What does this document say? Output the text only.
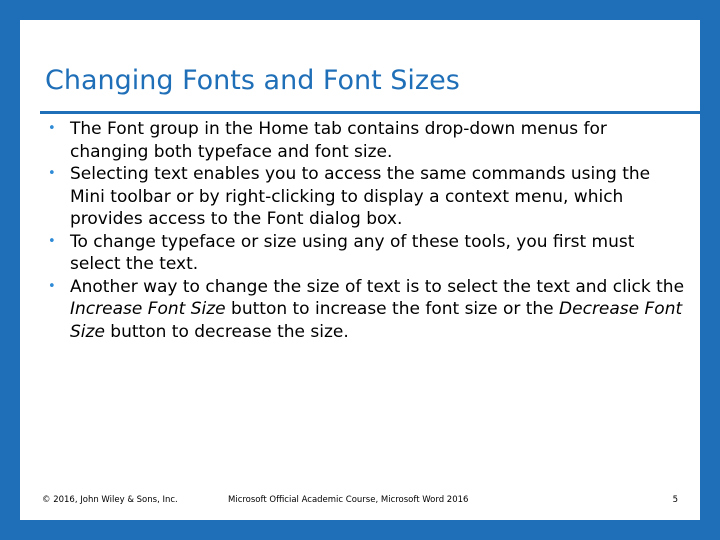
Changing Fonts and Font Sizes
• The Font group in the Home tab contains drop-down menus for changing both typeface and font size.
• Selecting text enables you to access the same commands using the Mini toolbar or by right-clicking to display a context menu, which provides access to the Font dialog box.
• To change typeface or size using any of these tools, you first must select the text.
• Another way to change the size of text is to select the text and click the Increase Font Size button to increase the font size or the Decrease Font Size button to decrease the size.
© 2016, John Wiley & Sons, Inc.	Microsoft Official Academic Course, Microsoft Word 2016	5
